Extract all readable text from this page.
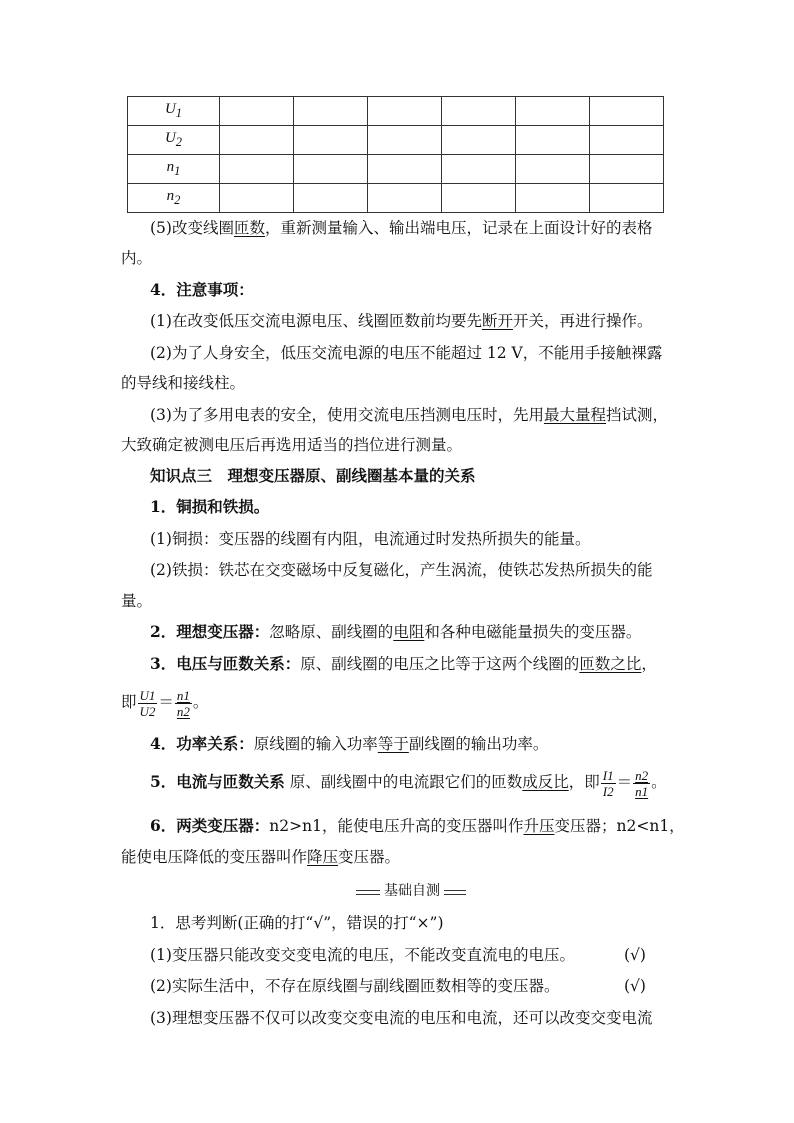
$U_1$						
$U_2$						
$n_1$						
$n_2$						
(5)改变线圈匝数，重新测量输入、输出端电压，记录在上面设计好的表格
内。
4．注意事项：
(1)在改变低压交流电源电压、线圈匝数前均要先断开开关，再进行操作。
(2)为了人身安全，低压交流电源的电压不能超过 12 V，不能用手接触裸露
的导线和接线柱。
(3)为了多用电表的安全，使用交流电压挡测电压时，先用最大量程挡试测，
大致确定被测电压后再选用适当的挡位进行测量。
知识点三　理想变压器原、副线圈基本量的关系
1．铜损和铁损。
(1)铜损：变压器的线圈有内阻，电流通过时发热所损失的能量。
(2)铁损：铁芯在交变磁场中反复磁化，产生涡流，使铁芯发热所损失的能
量。
2．理想变压器：忽略原、副线圈的电阻和各种电磁能量损失的变压器。
3．电压与匝数关系：原、副线圈的电压之比等于这两个线圈的匝数之比，
即 $\frac{U1}{U2} = \frac{n1}{n2}$ 。
4．功率关系：原线圈的输入功率等于副线圈的输出功率。
5．电流与匝数关系 原、副线圈中的电流跟它们的匝数成反比，即 $\frac{I1}{I2} = \frac{n2}{n1}$ 。
6．两类变压器：n2>n1，能使电压升高的变压器叫作升压变压器；n2<n1，
能使电压降低的变压器叫作降压变压器。
基础自测
1．思考判断(正确的打“√”，错误的打“×”)
(1)变压器只能改变交变电流的电压，不能改变直流电的电压。	(√)
(2)实际生活中，不存在原线圈与副线圈匝数相等的变压器。	(√)
(3)理想变压器不仅可以改变交变电流的电压和电流，还可以改变交变电流
